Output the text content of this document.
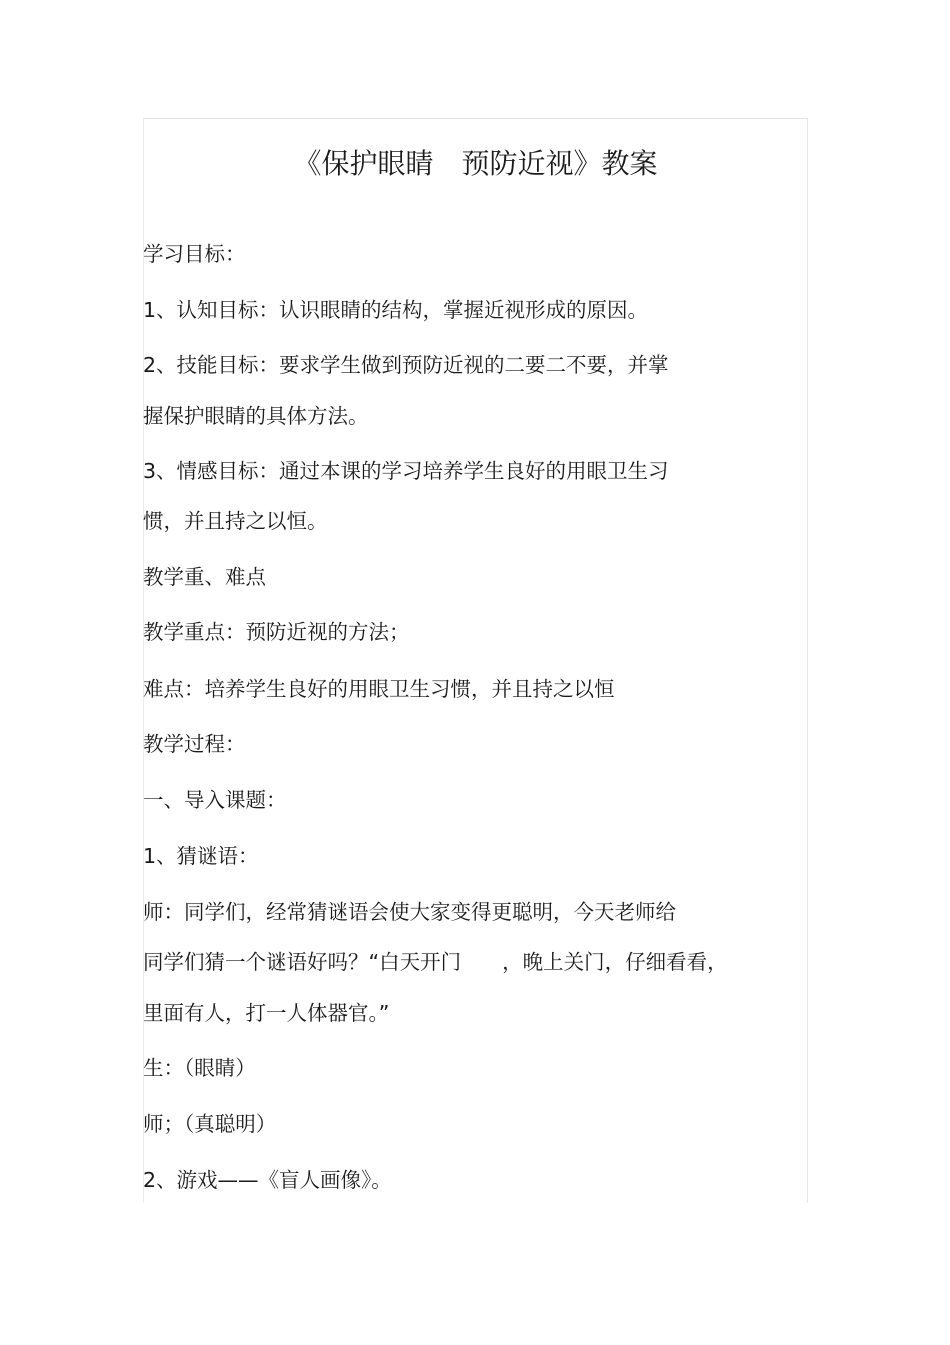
《保护眼睛　预防近视》教案
学习目标：
1、认知目标：认识眼睛的结构，掌握近视形成的原因。
2、技能目标：要求学生做到预防近视的二要二不要，并掌
握保护眼睛的具体方法。
3、情感目标：通过本课的学习培养学生良好的用眼卫生习
惯，并且持之以恒。
教学重、难点
教学重点：预防近视的方法；
难点：培养学生良好的用眼卫生习惯，并且持之以恒
教学过程：
一、导入课题：
1、猜谜语：
师：同学们，经常猜谜语会使大家变得更聪明，今天老师给
同学们猜一个谜语好吗？“白天开门　　，晚上关门，仔细看看，
里面有人，打一人体器官。”
生：（眼睛）
师；（真聪明）
2、游戏——《盲人画像》。
